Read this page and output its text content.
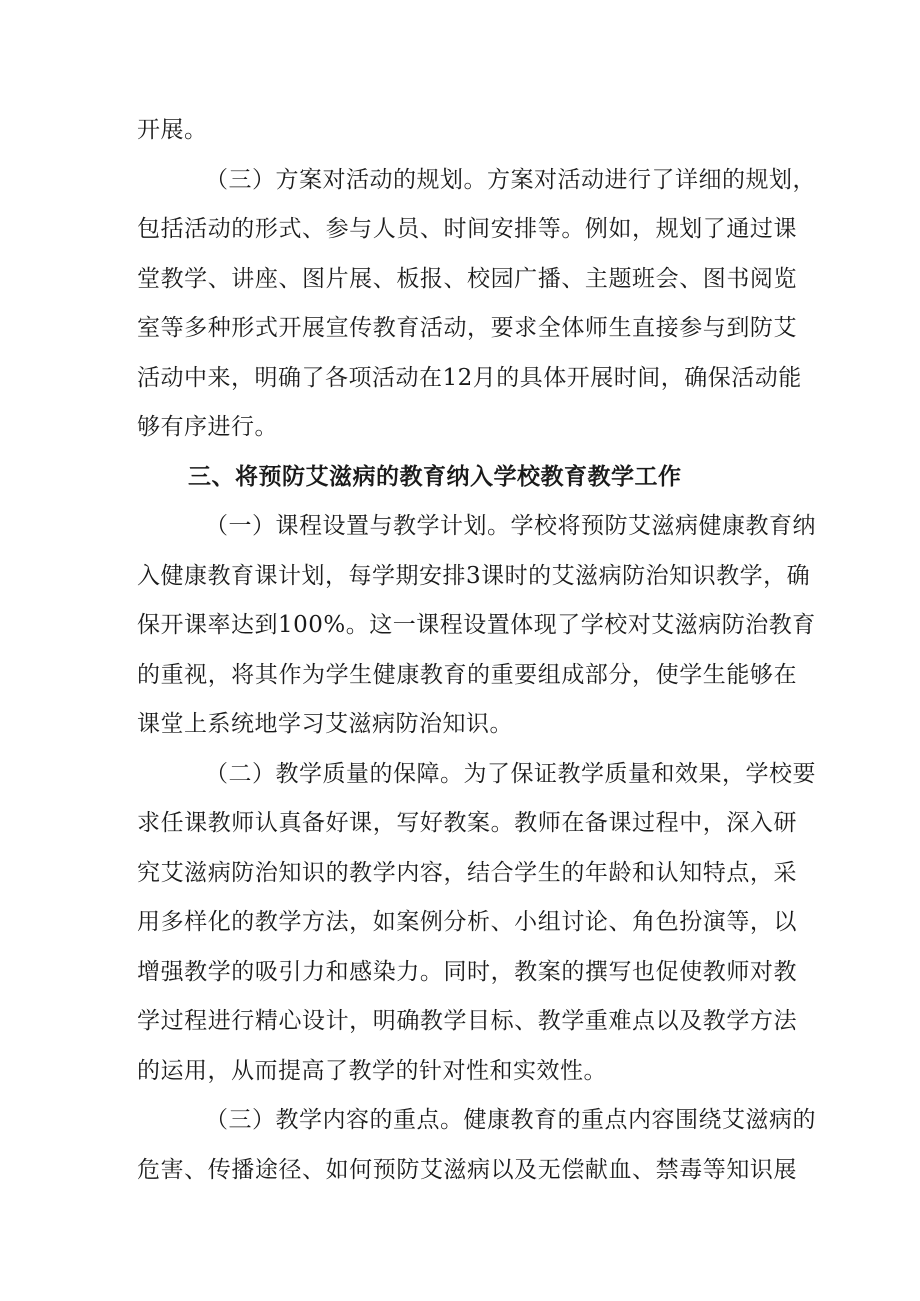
开展。
（三）方案对活动的规划。方案对活动进行了详细的规划，
包括活动的形式、参与人员、时间安排等。例如，规划了通过课
堂教学、讲座、图片展、板报、校园广播、主题班会、图书阅览
室等多种形式开展宣传教育活动，要求全体师生直接参与到防艾
活动中来，明确了各项活动在12月的具体开展时间，确保活动能
够有序进行。
三、将预防艾滋病的教育纳入学校教育教学工作
（一）课程设置与教学计划。学校将预防艾滋病健康教育纳
入健康教育课计划，每学期安排3课时的艾滋病防治知识教学，确
保开课率达到100%。这一课程设置体现了学校对艾滋病防治教育
的重视，将其作为学生健康教育的重要组成部分，使学生能够在
课堂上系统地学习艾滋病防治知识。
（二）教学质量的保障。为了保证教学质量和效果，学校要
求任课教师认真备好课，写好教案。教师在备课过程中，深入研
究艾滋病防治知识的教学内容，结合学生的年龄和认知特点，采
用多样化的教学方法，如案例分析、小组讨论、角色扮演等，以
增强教学的吸引力和感染力。同时，教案的撰写也促使教师对教
学过程进行精心设计，明确教学目标、教学重难点以及教学方法
的运用，从而提高了教学的针对性和实效性。
（三）教学内容的重点。健康教育的重点内容围绕艾滋病的
危害、传播途径、如何预防艾滋病以及无偿献血、禁毒等知识展
